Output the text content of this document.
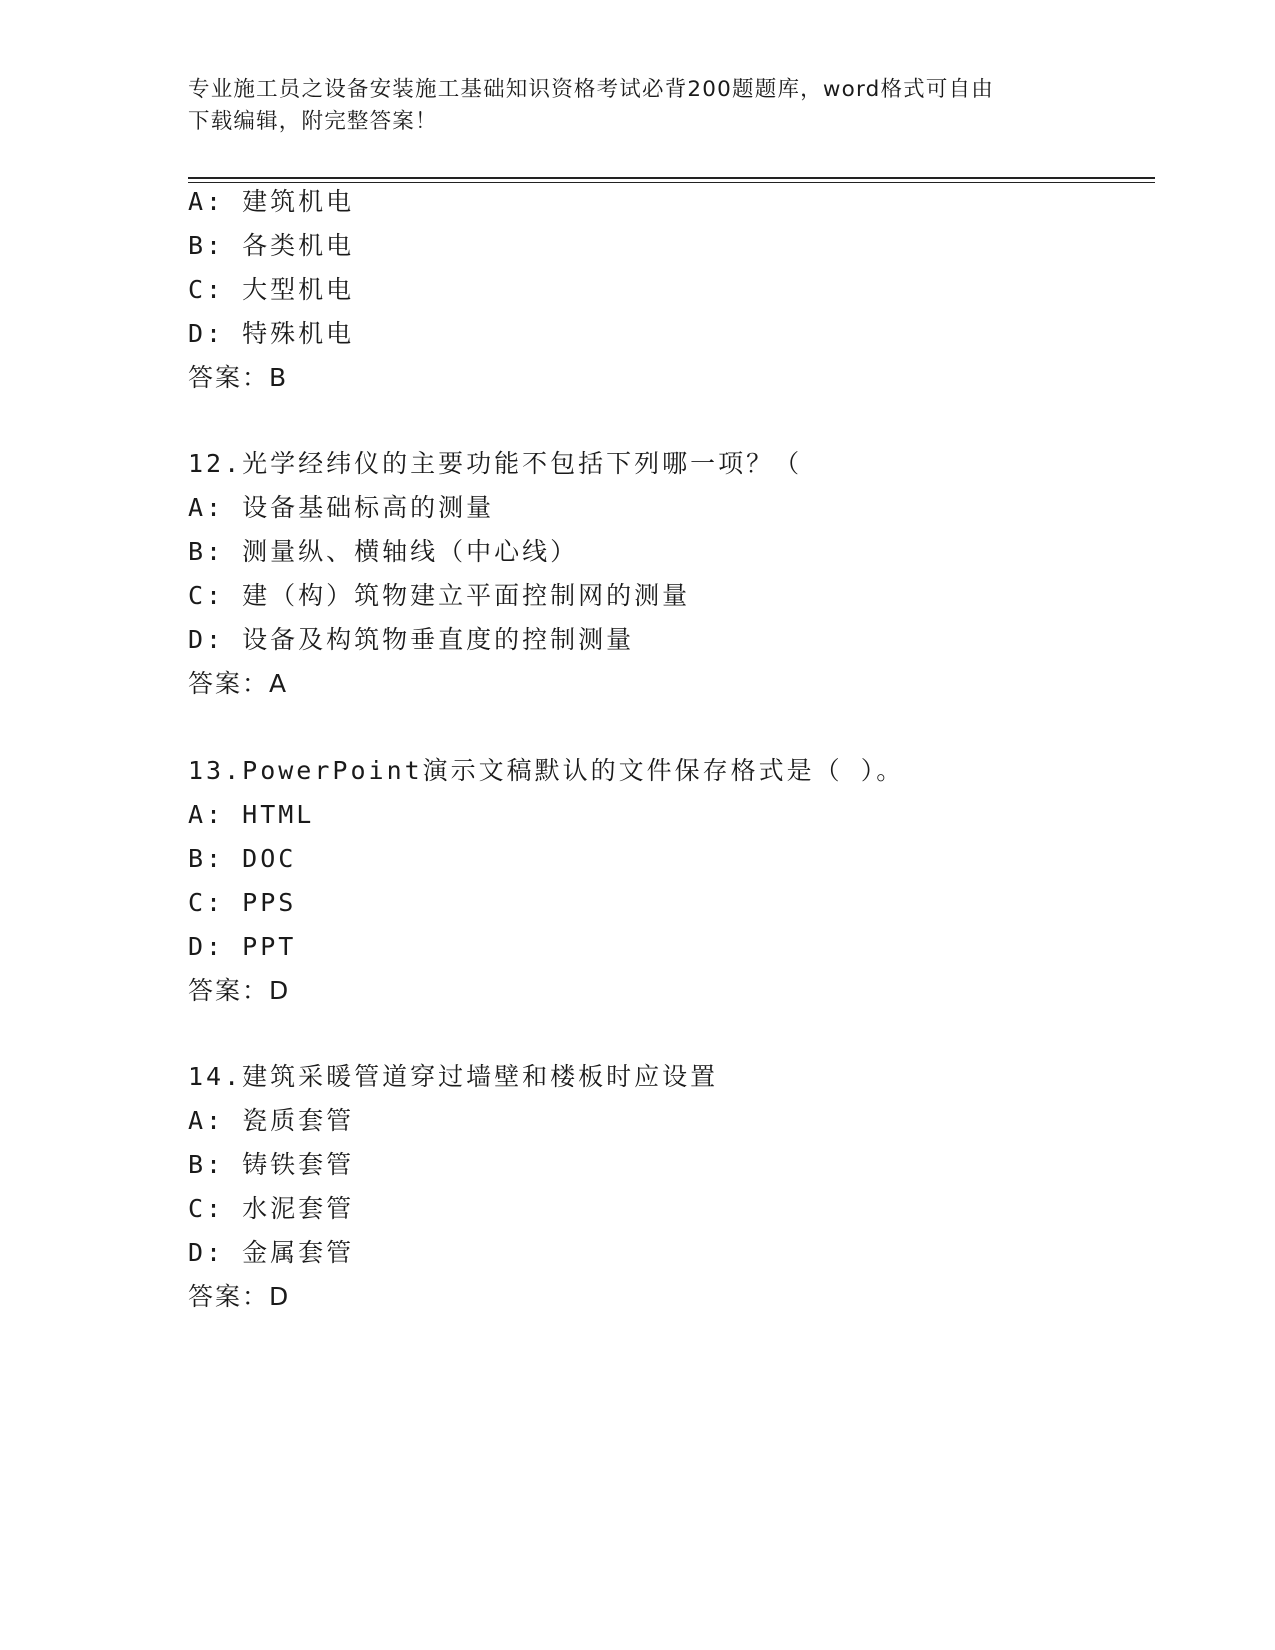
专业施工员之设备安装施工基础知识资格考试必背200题题库，word格式可自由
下载编辑，附完整答案！
A: 建筑机电
B: 各类机电
C: 大型机电
D: 特殊机电
答案：B
12.光学经纬仪的主要功能不包括下列哪一项？（
A: 设备基础标高的测量
B: 测量纵、横轴线（中心线）
C: 建（构）筑物建立平面控制网的测量
D: 设备及构筑物垂直度的控制测量
答案：A
13.PowerPoint演示文稿默认的文件保存格式是（ ）。
A: HTML
B: DOC
C: PPS
D: PPT
答案：D
14.建筑采暖管道穿过墙壁和楼板时应设置
A: 瓷质套管
B: 铸铁套管
C: 水泥套管
D: 金属套管
答案：D
